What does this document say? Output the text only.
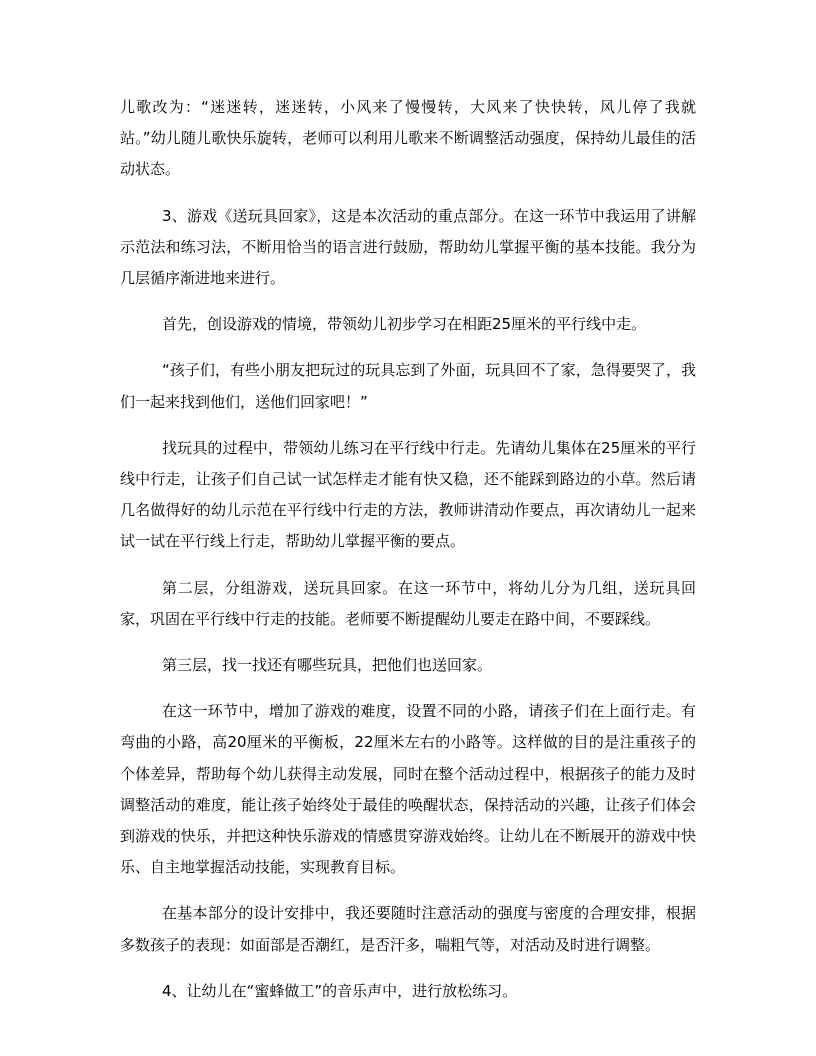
儿歌改为：“迷迷转，迷迷转，小风来了慢慢转，大风来了快快转，风儿停了我就站。”幼儿随儿歌快乐旋转，老师可以利用儿歌来不断调整活动强度，保持幼儿最佳的活动状态。

3、游戏《送玩具回家》，这是本次活动的重点部分。在这一环节中我运用了讲解示范法和练习法，不断用恰当的语言进行鼓励，帮助幼儿掌握平衡的基本技能。我分为几层循序渐进地来进行。

首先，创设游戏的情境，带领幼儿初步学习在相距25厘米的平行线中走。

“孩子们，有些小朋友把玩过的玩具忘到了外面，玩具回不了家，急得要哭了，我们一起来找到他们，送他们回家吧！”

找玩具的过程中，带领幼儿练习在平行线中行走。先请幼儿集体在25厘米的平行线中行走，让孩子们自己试一试怎样走才能有快又稳，还不能踩到路边的小草。然后请几名做得好的幼儿示范在平行线中行走的方法，教师讲清动作要点，再次请幼儿一起来试一试在平行线上行走，帮助幼儿掌握平衡的要点。

第二层，分组游戏，送玩具回家。在这一环节中，将幼儿分为几组，送玩具回家，巩固在平行线中行走的技能。老师要不断提醒幼儿要走在路中间，不要踩线。

第三层，找一找还有哪些玩具，把他们也送回家。

在这一环节中，增加了游戏的难度，设置不同的小路，请孩子们在上面行走。有弯曲的小路，高20厘米的平衡板，22厘米左右的小路等。这样做的目的是注重孩子的个体差异，帮助每个幼儿获得主动发展，同时在整个活动过程中，根据孩子的能力及时调整活动的难度，能让孩子始终处于最佳的唤醒状态，保持活动的兴趣，让孩子们体会到游戏的快乐，并把这种快乐游戏的情感贯穿游戏始终。让幼儿在不断展开的游戏中快乐、自主地掌握活动技能，实现教育目标。

在基本部分的设计安排中，我还要随时注意活动的强度与密度的合理安排，根据多数孩子的表现：如面部是否潮红，是否汗多，喘粗气等，对活动及时进行调整。

4、让幼儿在“蜜蜂做工”的音乐声中，进行放松练习。
